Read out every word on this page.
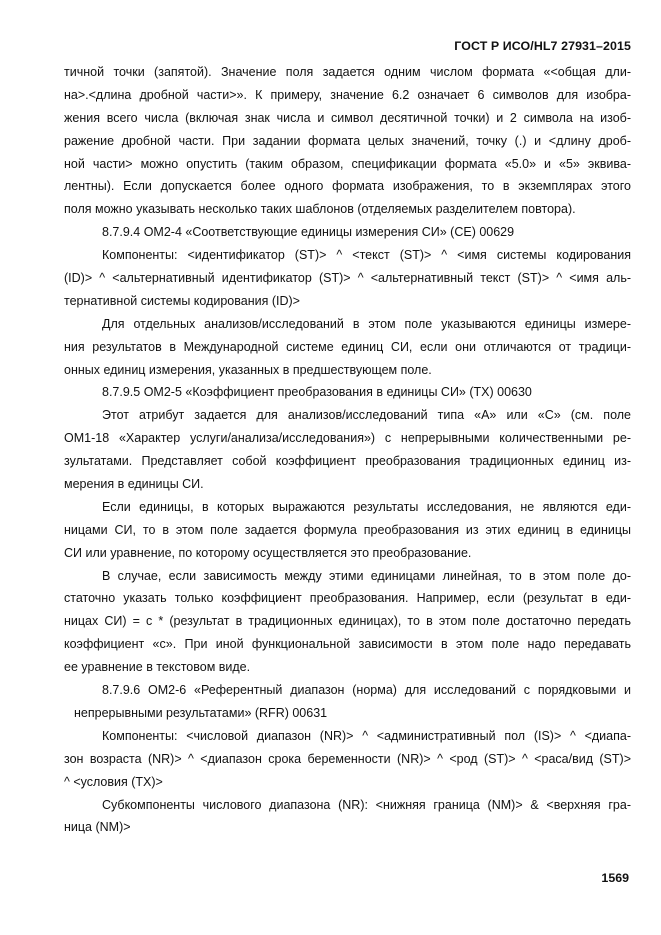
ГОСТ Р ИСО/HL7 27931–2015
тичной точки (запятой). Значение поля задается одним числом формата «<общая дли-
на>.<длина дробной части>». К примеру, значение 6.2 означает 6 символов для изобра-
жения всего числа (включая знак числа и символ десятичной точки) и 2 символа на изоб-
ражение дробной части. При задании формата целых значений, точку (.) и <длину дроб-
ной части> можно опустить (таким образом, спецификации формата «5.0» и «5» эквива-
лентны). Если допускается более одного формата изображения, то в экземплярах этого
поля можно указывать несколько таких шаблонов (отделяемых разделителем повтора).
8.7.9.4 OM2-4 «Соответствующие единицы измерения СИ» (CE) 00629
Компоненты: <идентификатор (ST)> ^ <текст (ST)> ^ <имя системы кодирования
(ID)> ^ <альтернативный идентификатор (ST)> ^ <альтернативный текст (ST)> ^ <имя аль-
тернативной системы кодирования (ID)>
Для отдельных анализов/исследований в этом поле указываются единицы измере-
ния результатов в Международной системе единиц СИ, если они отличаются от традици-
онных единиц измерения, указанных в предшествующем поле.
8.7.9.5 OM2-5 «Коэффициент преобразования в единицы СИ» (TX) 00630
Этот атрибут задается для анализов/исследований типа «A» или «C» (см. поле
OM1-18 «Характер услуги/анализа/исследования») с непрерывными количественными ре-
зультатами. Представляет собой коэффициент преобразования традиционных единиц из-
мерения в единицы СИ.
Если единицы, в которых выражаются результаты исследования, не являются еди-
ницами СИ, то в этом поле задается формула преобразования из этих единиц в единицы
СИ или уравнение, по которому осуществляется это преобразование.
В случае, если зависимость между этими единицами линейная, то в этом поле до-
статочно указать только коэффициент преобразования. Например, если (результат в еди-
ницах СИ) = c * (результат в традиционных единицах), то в этом поле достаточно передать
коэффициент «c». При иной функциональной зависимости в этом поле надо передавать
ее уравнение в текстовом виде.
8.7.9.6 OM2-6 «Референтный диапазон (норма) для исследований с порядковыми и
непрерывными результатами» (RFR) 00631
Компоненты: <числовой диапазон (NR)> ^ <административный пол (IS)> ^ <диапа-
зон возраста (NR)> ^ <диапазон срока беременности (NR)> ^ <род (ST)> ^ <раса/вид (ST)>
^ <условия (TX)>
Субкомпоненты числового диапазона (NR): <нижняя граница (NM)> & <верхняя гра-
ница (NM)>
1569
